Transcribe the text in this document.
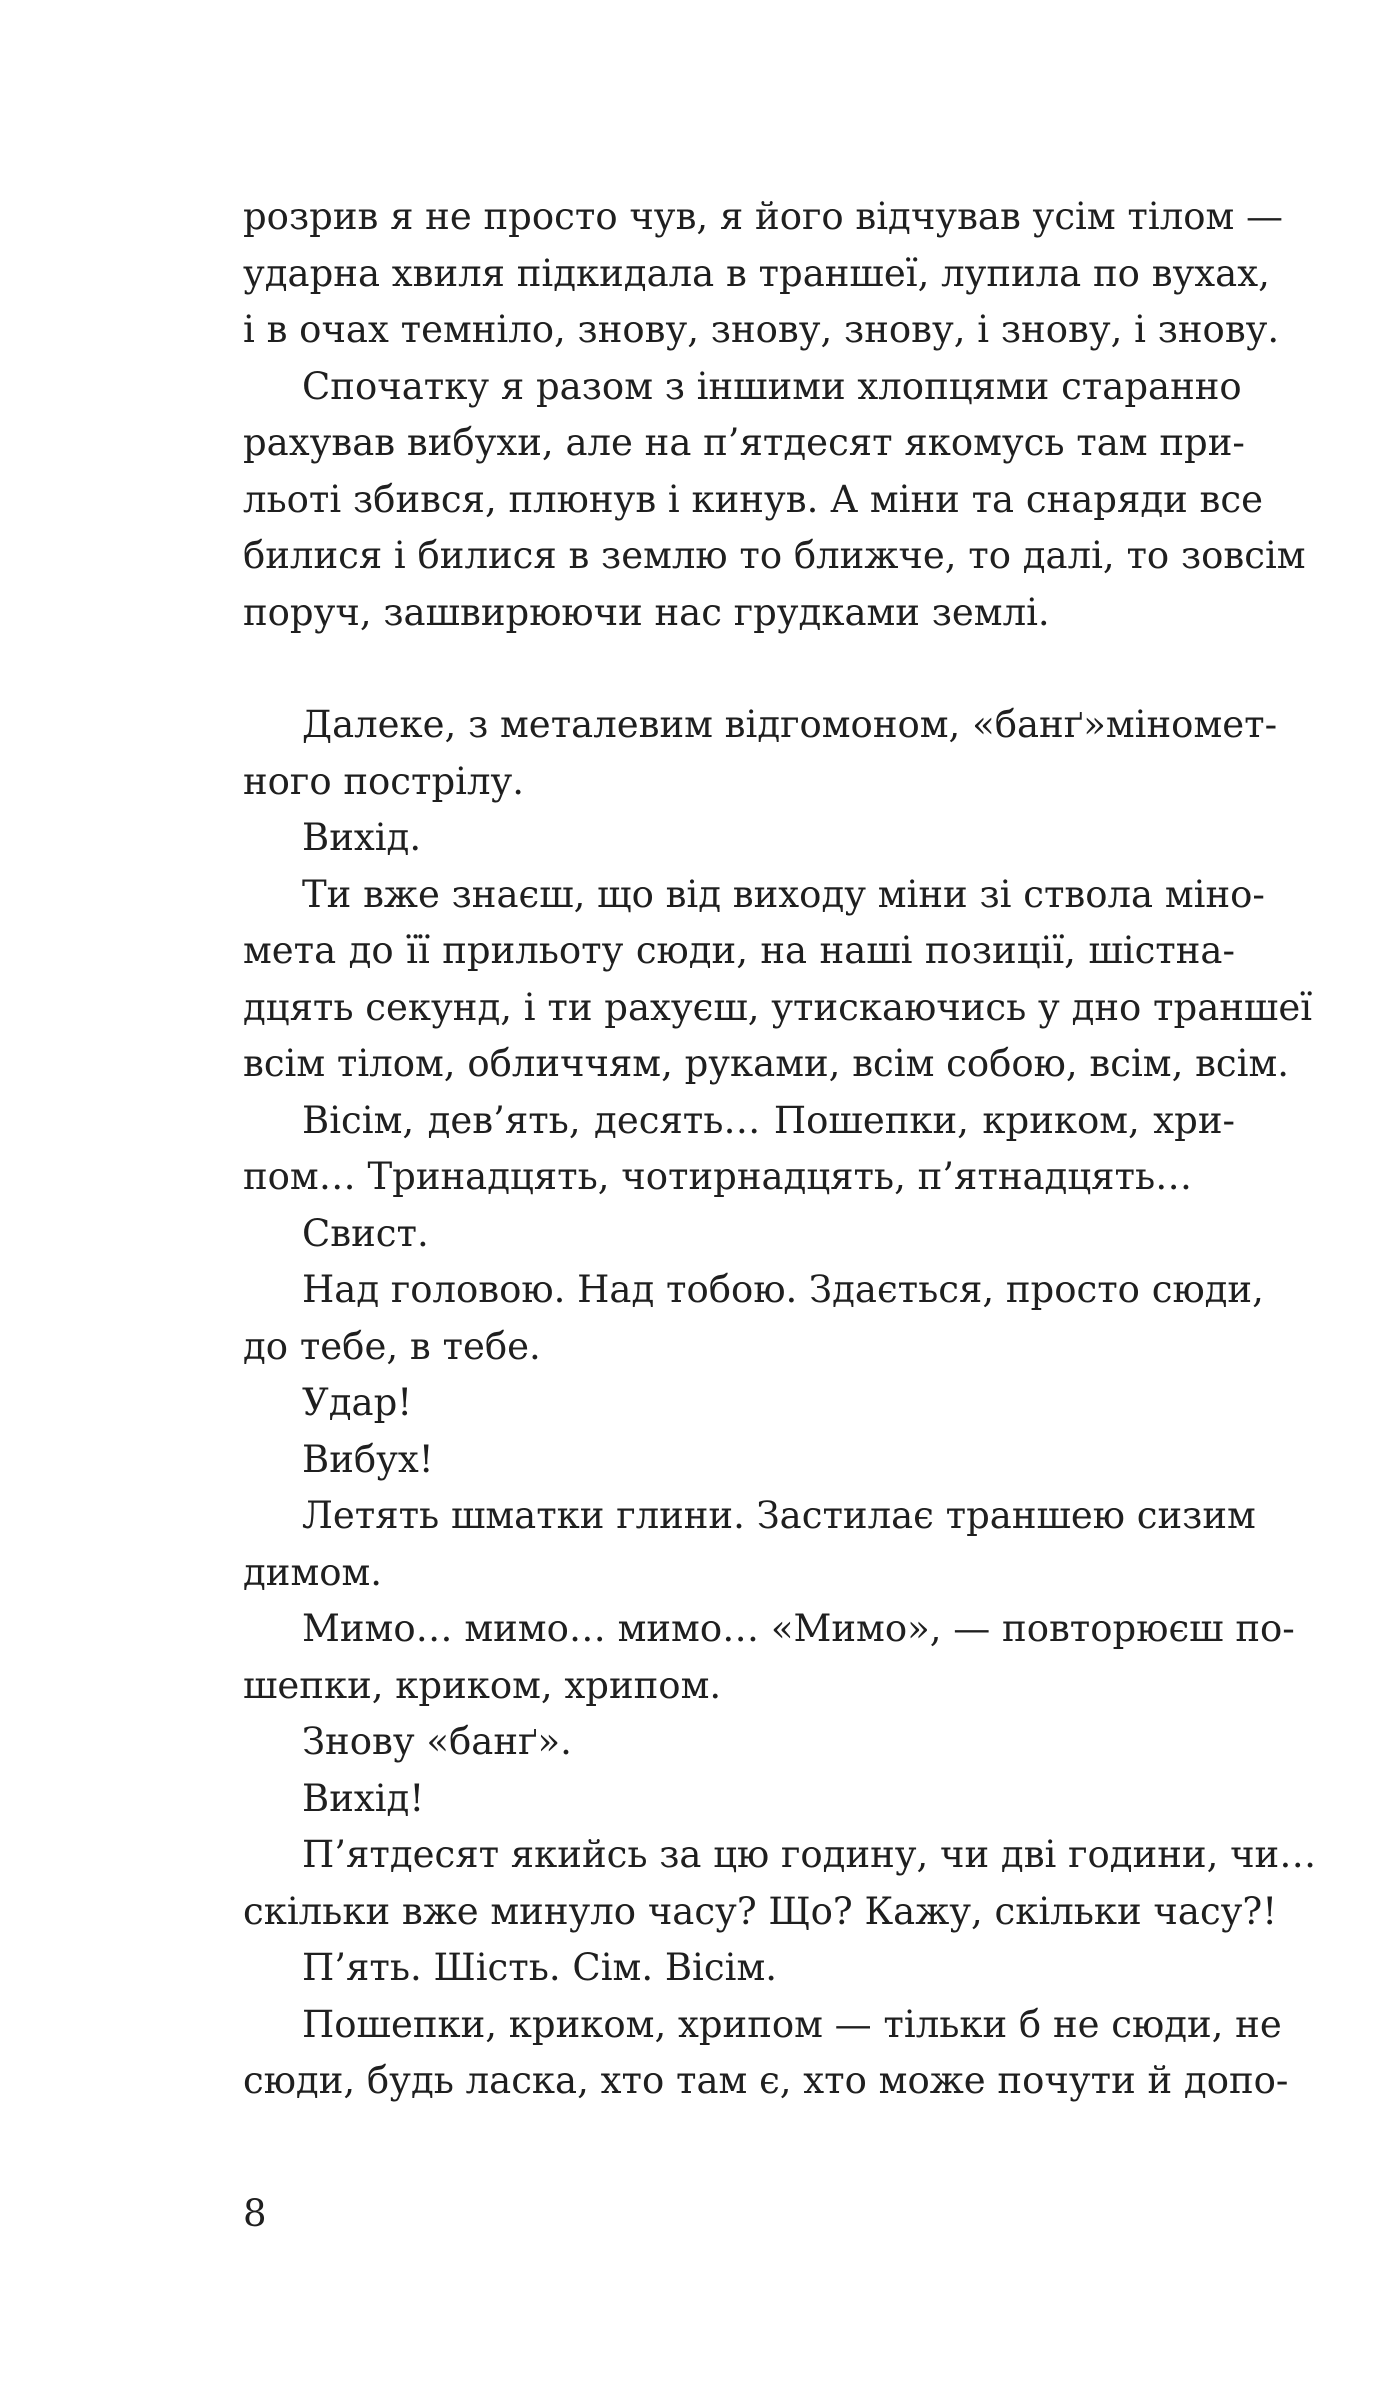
розрив я не просто чув, я його відчував усім тілом —
ударна хвиля підкидала в траншеї, лупила по вухах,
і в очах темніло, знову, знову, знову, і знову, і знову.
Спочатку я разом з іншими хлопцями старанно
рахував вибухи, але на п’ятдесят якомусь там при-
льоті збився, плюнув і кинув. А міни та снаряди все
билися і билися в землю то ближче, то далі, то зовсім
поруч, зашвирюючи нас грудками землі.
Далеке, з металевим відгомоном, «банґ»міномет-
ного пострілу.
Вихід.
Ти вже знаєш, що від виходу міни зі ствола міно-
мета до її прильоту сюди, на наші позиції, шістна-
дцять секунд, і ти рахуєш, утискаючись у дно траншеї
всім тілом, обличчям, руками, всім собою, всім, всім.
Вісім, дев’ять, десять… Пошепки, криком, хри-
пом… Тринадцять, чотирнадцять, п’ятнадцять…
Свист.
Над головою. Над тобою. Здається, просто сюди,
до тебе, в тебе.
Удар!
Вибух!
Летять шматки глини. Застилає траншею сизим
димом.
Мимо… мимо… мимо… «Мимо», — повторюєш по-
шепки, криком, хрипом.
Знову «банґ».
Вихід!
П’ятдесят якийсь за цю годину, чи дві години, чи…
скільки вже минуло часу? Що? Кажу, скільки часу?!
П’ять. Шість. Сім. Вісім.
Пошепки, криком, хрипом — тільки б не сюди, не
сюди, будь ласка, хто там є, хто може почути й допо-
8
